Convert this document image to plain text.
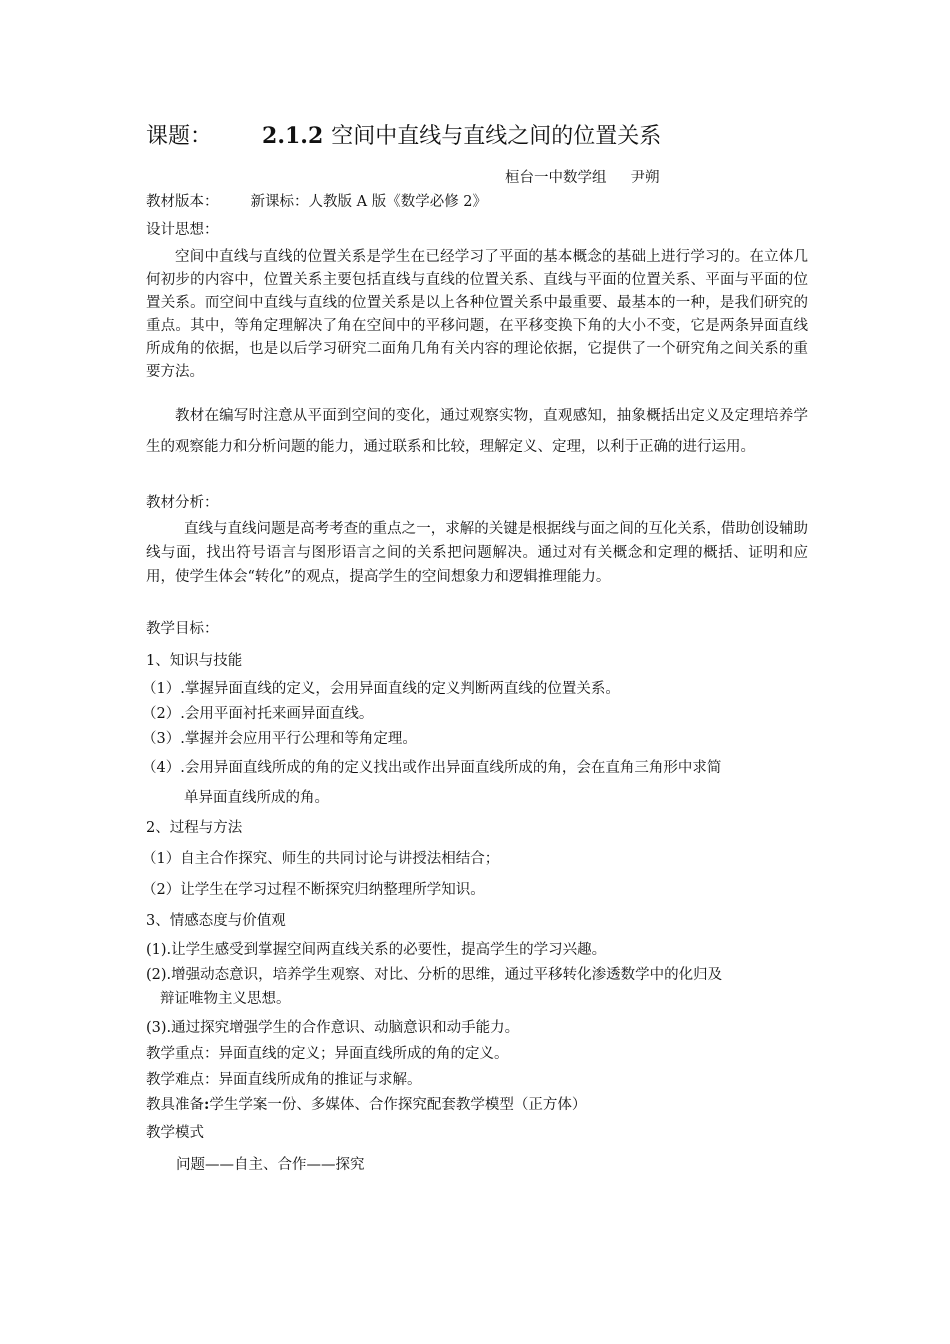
课题： 2.1.2 空间中直线与直线之间的位置关系
桓台一中数学组 尹朔
教材版本： 新课标：人教版 A 版《数学必修 2》
设计思想：
空间中直线与直线的位置关系是学生在已经学习了平面的基本概念的基础上进行学习的。在立体几何初步的内容中，位置关系主要包括直线与直线的位置关系、直线与平面的位置关系、平面与平面的位置关系。而空间中直线与直线的位置关系是以上各种位置关系中最重要、最基本的一种，是我们研究的重点。其中，等角定理解决了角在空间中的平移问题，在平移变换下角的大小不变，它是两条异面直线所成角的依据，也是以后学习研究二面角几角有关内容的理论依据，它提供了一个研究角之间关系的重要方法。
教材在编写时注意从平面到空间的变化，通过观察实物，直观感知，抽象概括出定义及定理培养学生的观察能力和分析问题的能力，通过联系和比较，理解定义、定理，以利于正确的进行运用。
教材分析：
直线与直线问题是高考考查的重点之一，求解的关键是根据线与面之间的互化关系，借助创设辅助线与面，找出符号语言与图形语言之间的关系把问题解决。通过对有关概念和定理的概括、证明和应用，使学生体会“转化”的观点，提高学生的空间想象力和逻辑推理能力。
教学目标：
1、知识与技能
（1）.掌握异面直线的定义，会用异面直线的定义判断两直线的位置关系。
（2）.会用平面衬托来画异面直线。
（3）.掌握并会应用平行公理和等角定理。
（4）.会用异面直线所成的角的定义找出或作出异面直线所成的角，会在直角三角形中求简
单异面直线所成的角。
2、过程与方法
（1）自主合作探究、师生的共同讨论与讲授法相结合；
（2）让学生在学习过程不断探究归纳整理所学知识。
3、情感态度与价值观
(1).让学生感受到掌握空间两直线关系的必要性，提高学生的学习兴趣。
(2).增强动态意识，培养学生观察、对比、分析的思维，通过平移转化渗透数学中的化归及
辩证唯物主义思想。
(3).通过探究增强学生的合作意识、动脑意识和动手能力。
教学重点：异面直线的定义；异面直线所成的角的定义。
教学难点：异面直线所成角的推证与求解。
教具准备:学生学案一份、多媒体、合作探究配套教学模型（正方体）
教学模式
问题——自主、合作——探究
